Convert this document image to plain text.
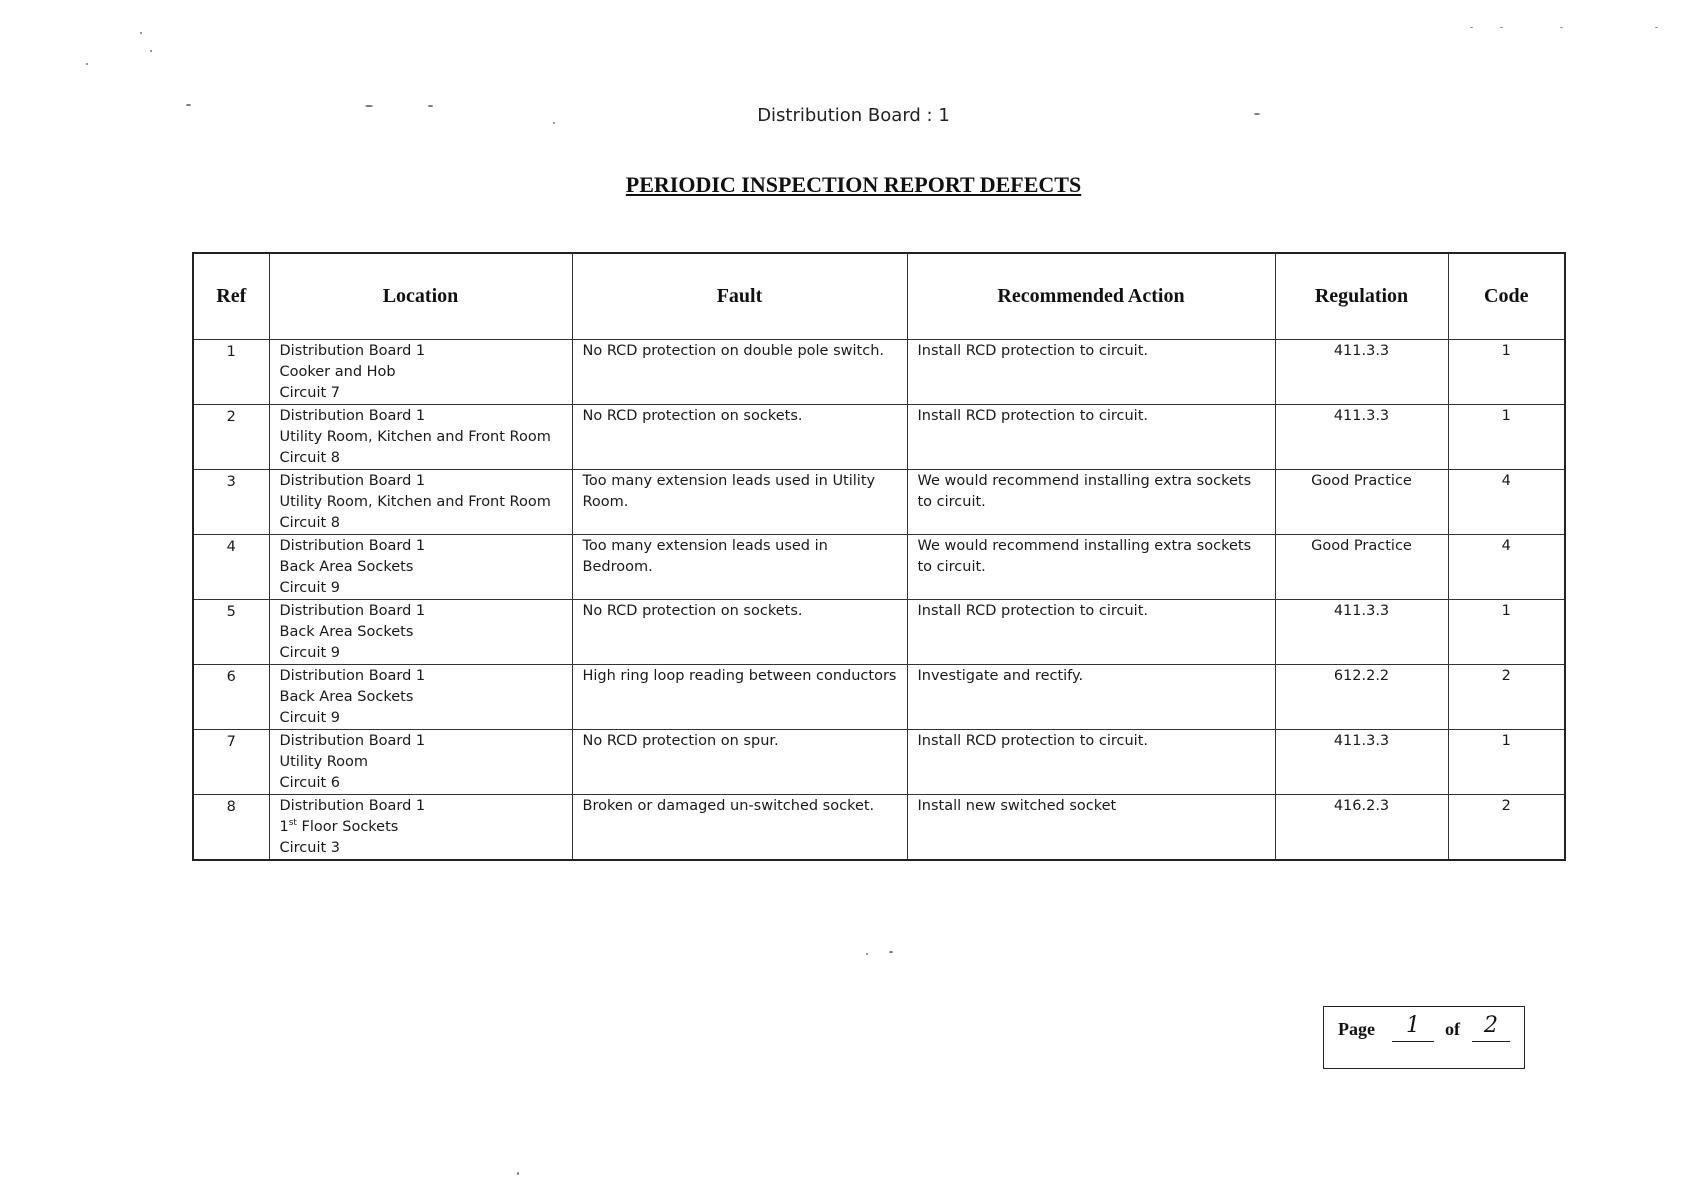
Distribution Board : 1
PERIODIC INSPECTION REPORT DEFECTS
Ref	Location	Fault	Recommended Action	Regulation	Code
1	Distribution Board 1
Cooker and Hob
Circuit 7	No RCD protection on double pole switch.	Install RCD protection to circuit.	411.3.3	1
2	Distribution Board 1
Utility Room, Kitchen and Front Room
Circuit 8	No RCD protection on sockets.	Install RCD protection to circuit.	411.3.3	1
3	Distribution Board 1
Utility Room, Kitchen and Front Room
Circuit 8	Too many extension leads used in Utility Room.	We would recommend installing extra sockets to circuit.	Good Practice	4
4	Distribution Board 1
Back Area Sockets
Circuit 9	Too many extension leads used in Bedroom.	We would recommend installing extra sockets to circuit.	Good Practice	4
5	Distribution Board 1
Back Area Sockets
Circuit 9	No RCD protection on sockets.	Install RCD protection to circuit.	411.3.3	1
6	Distribution Board 1
Back Area Sockets
Circuit 9	High ring loop reading between conductors	Investigate and rectify.	612.2.2	2
7	Distribution Board 1
Utility Room
Circuit 6	No RCD protection on spur.	Install RCD protection to circuit.	411.3.3	1
8	Distribution Board 1
1st Floor Sockets
Circuit 3	Broken or damaged un-switched socket.	Install new switched socket	416.2.3	2
Page	1	of	2
